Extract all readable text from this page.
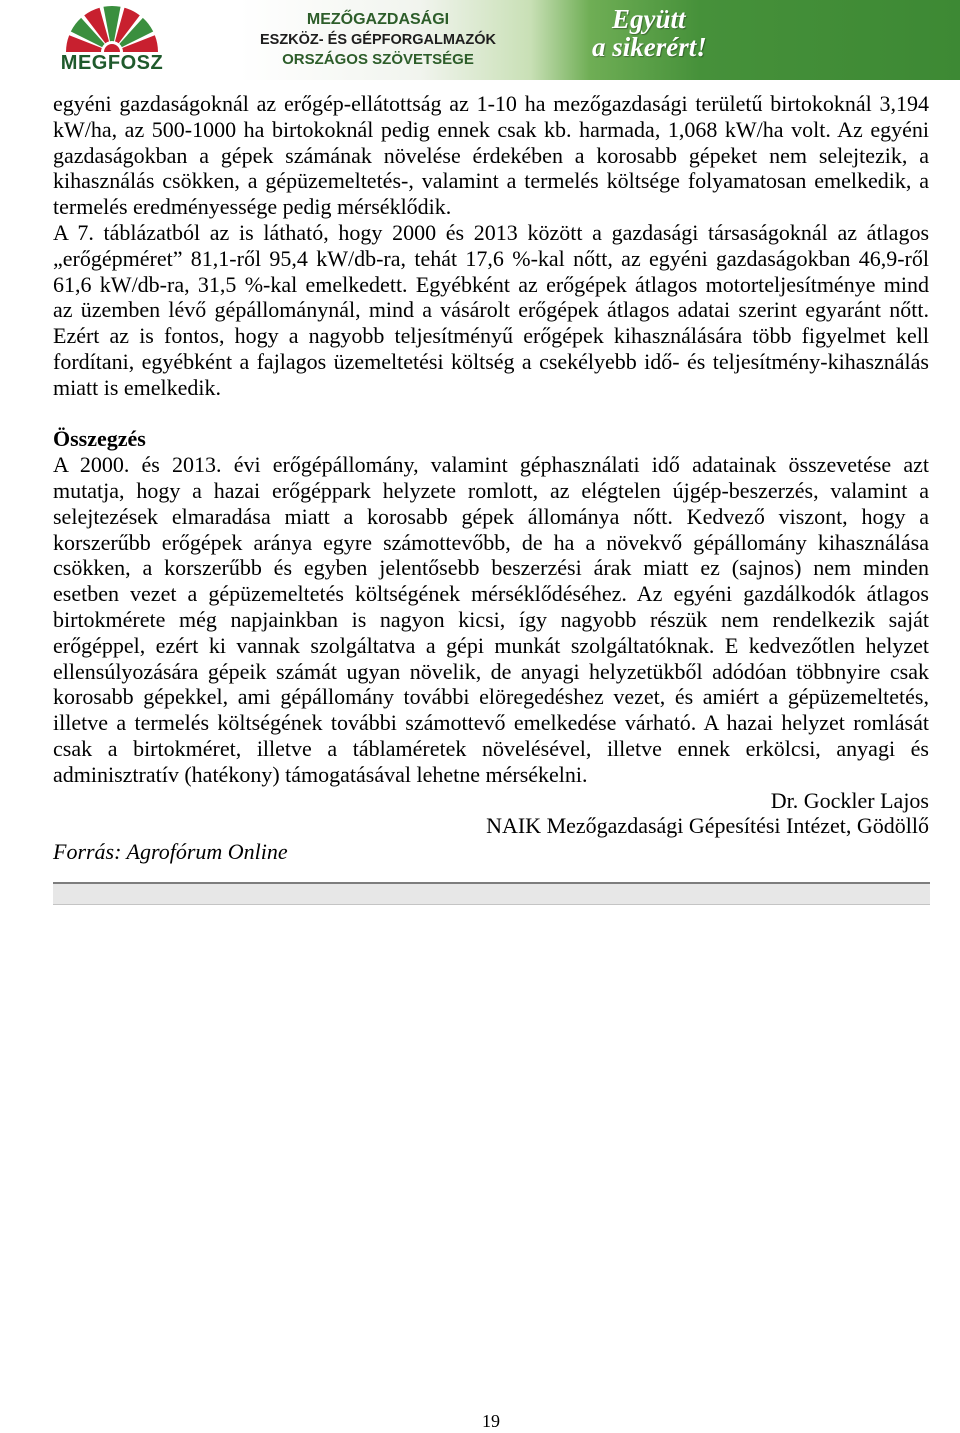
MEGFOSZ
MEZŐGAZDASÁGI
ESZKÖZ- ÉS GÉPFORGALMAZÓK
ORSZÁGOS SZÖVETSÉGE
Együtt
a sikerért!
egyéni gazdaságoknál az erőgép-ellátottság az 1-10 ha mezőgazdasági területű birtokoknál 3,194
kW/ha, az 500-1000 ha birtokoknál pedig ennek csak kb. harmada, 1,068 kW/ha volt. Az egyéni
gazdaságokban a gépek számának növelése érdekében a korosabb gépeket nem selejtezik, a
kihasználás csökken, a gépüzemeltetés-, valamint a termelés költsége folyamatosan emelkedik, a
termelés eredményessége pedig mérséklődik.
A 7. táblázatból az is látható, hogy 2000 és 2013 között a gazdasági társaságoknál az átlagos
„erőgépméret” 81,1-ről 95,4 kW/db-ra, tehát 17,6 %-kal nőtt, az egyéni gazdaságokban 46,9-ről
61,6 kW/db-ra, 31,5 %-kal emelkedett. Egyébként az erőgépek átlagos motorteljesítménye mind
az üzemben lévő gépállománynál, mind a vásárolt erőgépek átlagos adatai szerint egyaránt nőtt.
Ezért az is fontos, hogy a nagyobb teljesítményű erőgépek kihasználására több figyelmet kell
fordítani, egyébként a fajlagos üzemeltetési költség a csekélyebb idő- és teljesítmény-kihasználás
miatt is emelkedik.
Összegzés
A 2000. és 2013. évi erőgépállomány, valamint géphasználati idő adatainak összevetése azt
mutatja, hogy a hazai erőgéppark helyzete romlott, az elégtelen újgép-beszerzés, valamint a
selejtezések elmaradása miatt a korosabb gépek állománya nőtt. Kedvező viszont, hogy a
korszerűbb erőgépek aránya egyre számottevőbb, de ha a növekvő gépállomány kihasználása
csökken, a korszerűbb és egyben jelentősebb beszerzési árak miatt ez (sajnos) nem minden
esetben vezet a gépüzemeltetés költségének mérséklődéséhez. Az egyéni gazdálkodók átlagos
birtokmérete még napjainkban is nagyon kicsi, így nagyobb részük nem rendelkezik saját
erőgéppel, ezért ki vannak szolgáltatva a gépi munkát szolgáltatóknak. E kedvezőtlen helyzet
ellensúlyozására gépeik számát ugyan növelik, de anyagi helyzetükből adódóan többnyire csak
korosabb gépekkel, ami gépállomány további elöregedéshez vezet, és amiért a gépüzemeltetés,
illetve a termelés költségének további számottevő emelkedése várható. A hazai helyzet romlását
csak a birtokméret, illetve a táblaméretek növelésével, illetve ennek erkölcsi, anyagi és
adminisztratív (hatékony) támogatásával lehetne mérsékelni.
Dr. Gockler Lajos
NAIK Mezőgazdasági Gépesítési Intézet, Gödöllő
Forrás: Agrofórum Online
19
